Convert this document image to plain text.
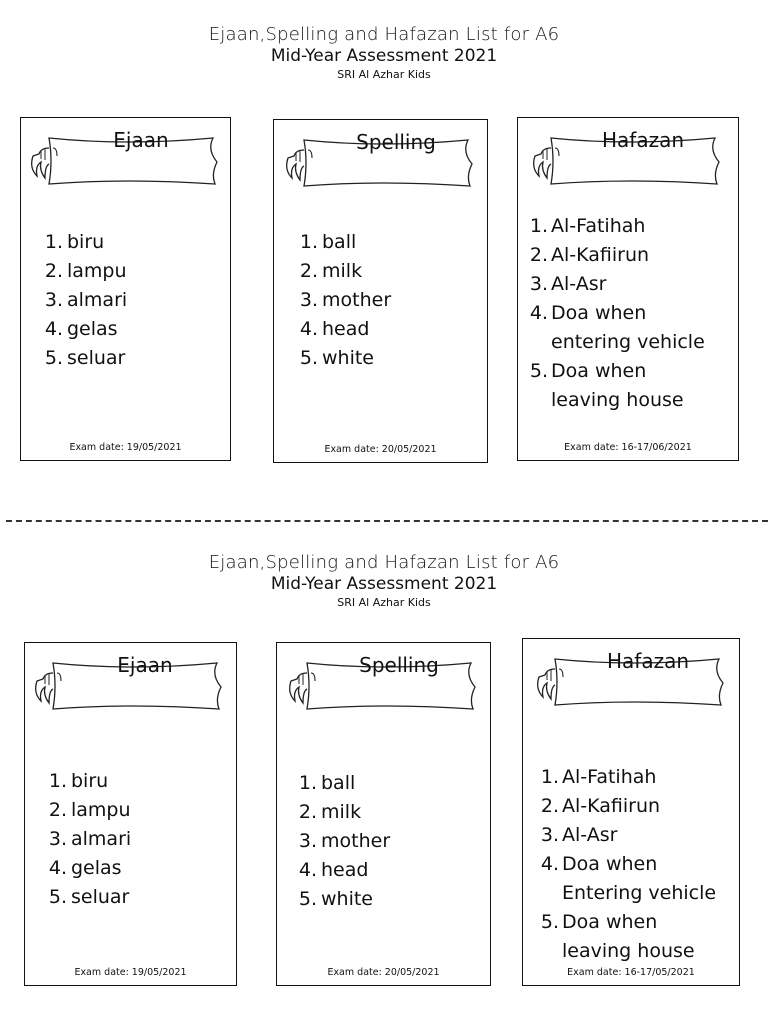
Ejaan,Spelling and Hafazan List for A6
Mid-Year Assessment 2021
SRI Al Azhar Kids
Ejaan
1. biru
2. lampu
3. almari
4. gelas
5. seluar
Exam date: 19/05/2021
Spelling
1. ball
2. milk
3. mother
4. head
5. white
Exam date: 20/05/2021
Hafazan
1. Al-Fatihah
2. Al-Kafiirun
3. Al-Asr
4. Doa when entering vehicle
5. Doa when leaving house
Exam date: 16-17/06/2021
Ejaan,Spelling and Hafazan List for A6
Mid-Year Assessment 2021
SRI Al Azhar Kids
Ejaan
1. biru
2. lampu
3. almari
4. gelas
5. seluar
Exam date: 19/05/2021
Spelling
1. ball
2. milk
3. mother
4. head
5. white
Exam date: 20/05/2021
Hafazan
1. Al-Fatihah
2. Al-Kafiirun
3. Al-Asr
4. Doa when Entering vehicle
5. Doa when leaving house
Exam date: 16-17/05/2021
